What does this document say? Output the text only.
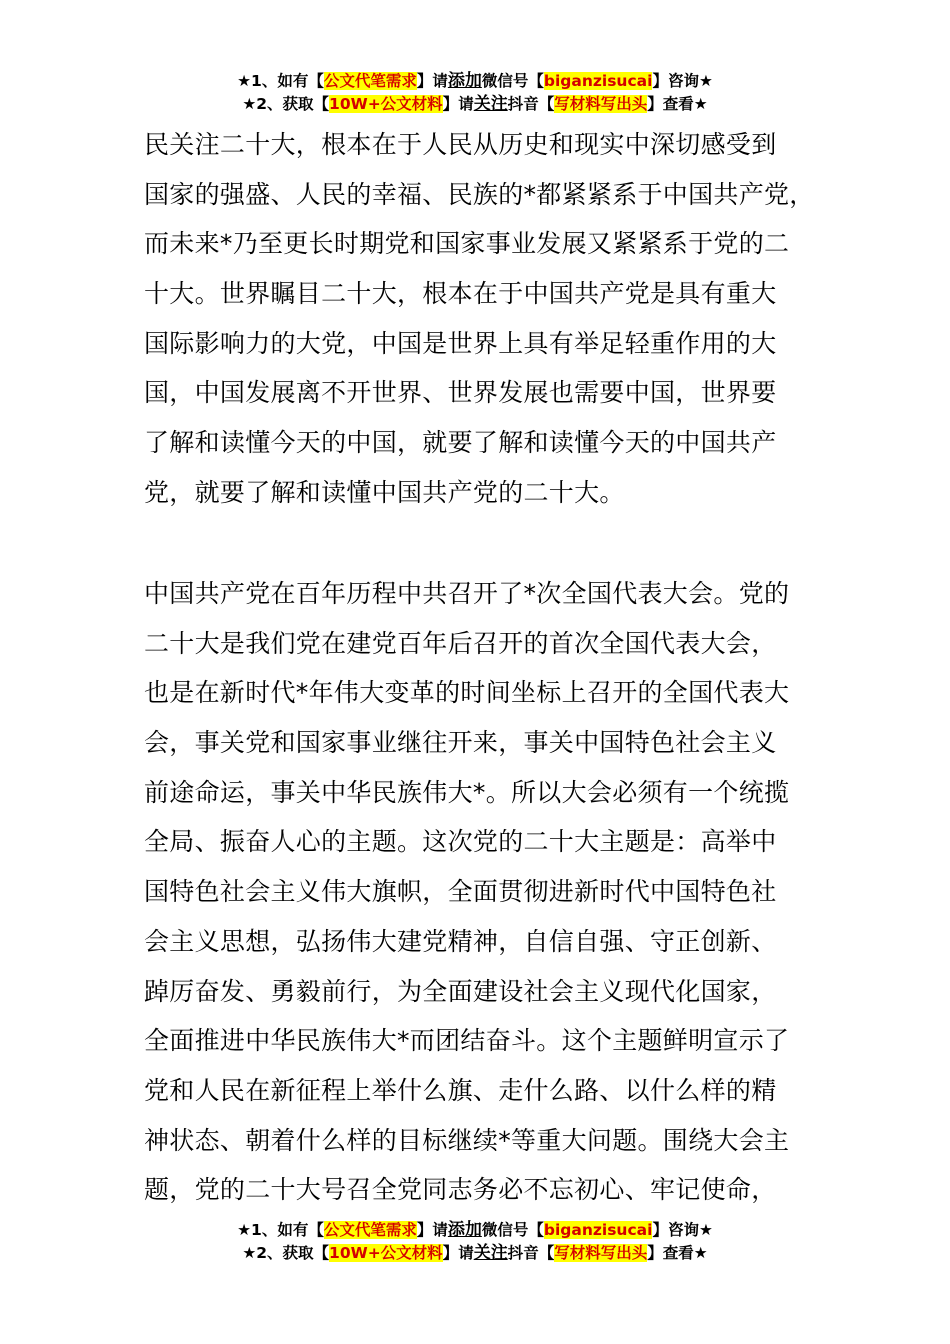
★1、如有【公文代笔需求】请添加微信号【biganzisucai】咨询★
★2、获取【10W+公文材料】请关注抖音【写材料写出头】查看★
民关注二十大，根本在于人民从历史和现实中深切感受到
国家的强盛、人民的幸福、民族的*都紧紧系于中国共产党，
而未来*乃至更长时期党和国家事业发展又紧紧系于党的二
十大。世界瞩目二十大，根本在于中国共产党是具有重大
国际影响力的大党，中国是世界上具有举足轻重作用的大
国，中国发展离不开世界、世界发展也需要中国，世界要
了解和读懂今天的中国，就要了解和读懂今天的中国共产
党，就要了解和读懂中国共产党的二十大。
中国共产党在百年历程中共召开了*次全国代表大会。党的
二十大是我们党在建党百年后召开的首次全国代表大会，
也是在新时代*年伟大变革的时间坐标上召开的全国代表大
会，事关党和国家事业继往开来，事关中国特色社会主义
前途命运，事关中华民族伟大*。所以大会必须有一个统揽
全局、振奋人心的主题。这次党的二十大主题是：高举中
国特色社会主义伟大旗帜，全面贯彻进新时代中国特色社
会主义思想，弘扬伟大建党精神，自信自强、守正创新、
踔厉奋发、勇毅前行，为全面建设社会主义现代化国家，
全面推进中华民族伟大*而团结奋斗。这个主题鲜明宣示了
党和人民在新征程上举什么旗、走什么路、以什么样的精
神状态、朝着什么样的目标继续*等重大问题。围绕大会主
题，党的二十大号召全党同志务必不忘初心、牢记使命，
★1、如有【公文代笔需求】请添加微信号【biganzisucai】咨询★
★2、获取【10W+公文材料】请关注抖音【写材料写出头】查看★
